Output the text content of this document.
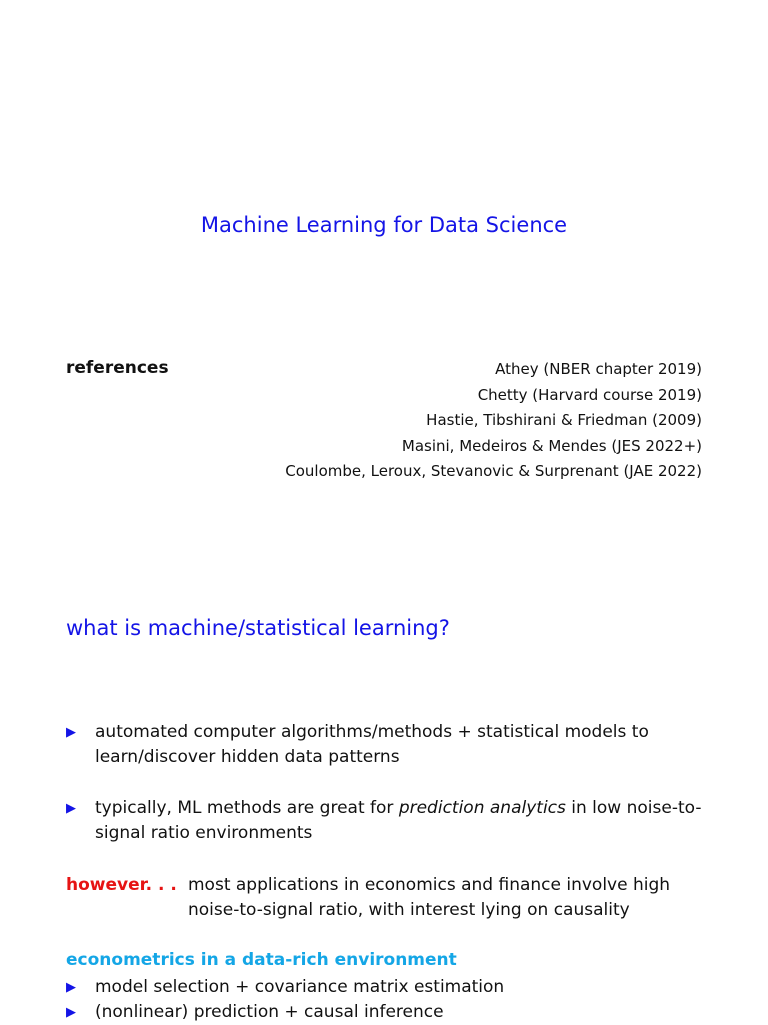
Machine Learning for Data Science
references	Athey (NBER chapter 2019)
Chetty (Harvard course 2019)
Hastie, Tibshirani & Friedman (2009)
Masini, Medeiros & Mendes (JES 2022+)
Coulombe, Leroux, Stevanovic & Surprenant (JAE 2022)
what is machine/statistical learning?
▶ automated computer algorithms/methods + statistical models to learn/discover hidden data patterns
▶ typically, ML methods are great for prediction analytics in low noise-to-signal ratio environments
however. . . most applications in economics and finance involve high noise-to-signal ratio, with interest lying on causality
econometrics in a data-rich environment
▶ model selection + covariance matrix estimation
▶ (nonlinear) prediction + causal inference
